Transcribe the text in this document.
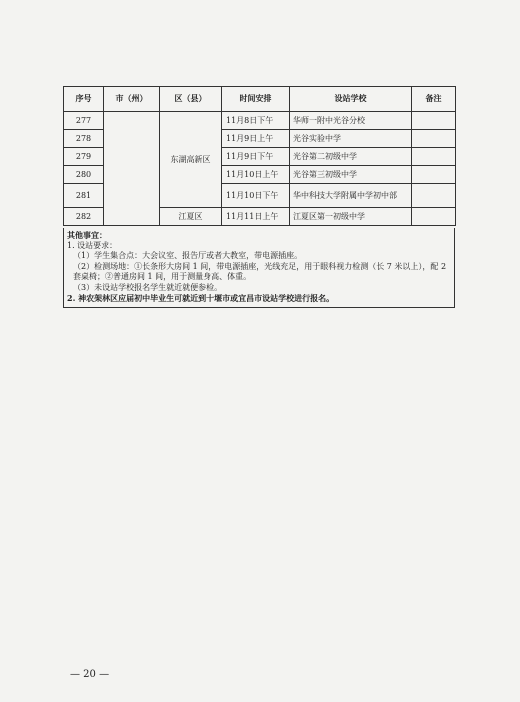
序号	市（州）	区（县）	时间安排	设站学校	备注
277		东湖高新区	11月8日下午	华师一附中光谷分校	
278			11月9日上午	光谷实验中学	
279			11月9日下午	光谷第二初级中学	
280			11月10日上午	光谷第三初级中学	
281			11月10日下午	华中科技大学附属中学初中部	
282		江夏区	11月11日上午	江夏区第一初级中学	

其他事宜：

1. 设站要求：

（1）学生集合点：大会议室、报告厅或者大教室，带电源插座。

（2）检测场地：①长条形大房间 1 间，带电源插座，光线充足，用于眼科视力检测（长 7 米以上），配 2 套桌椅；②普通房间 1 间，用于测量身高、体重。

（3）未设站学校报名学生就近就便参检。

2. 神农架林区应届初中毕业生可就近到十堰市或宜昌市设站学校进行报名。

— 20 —
